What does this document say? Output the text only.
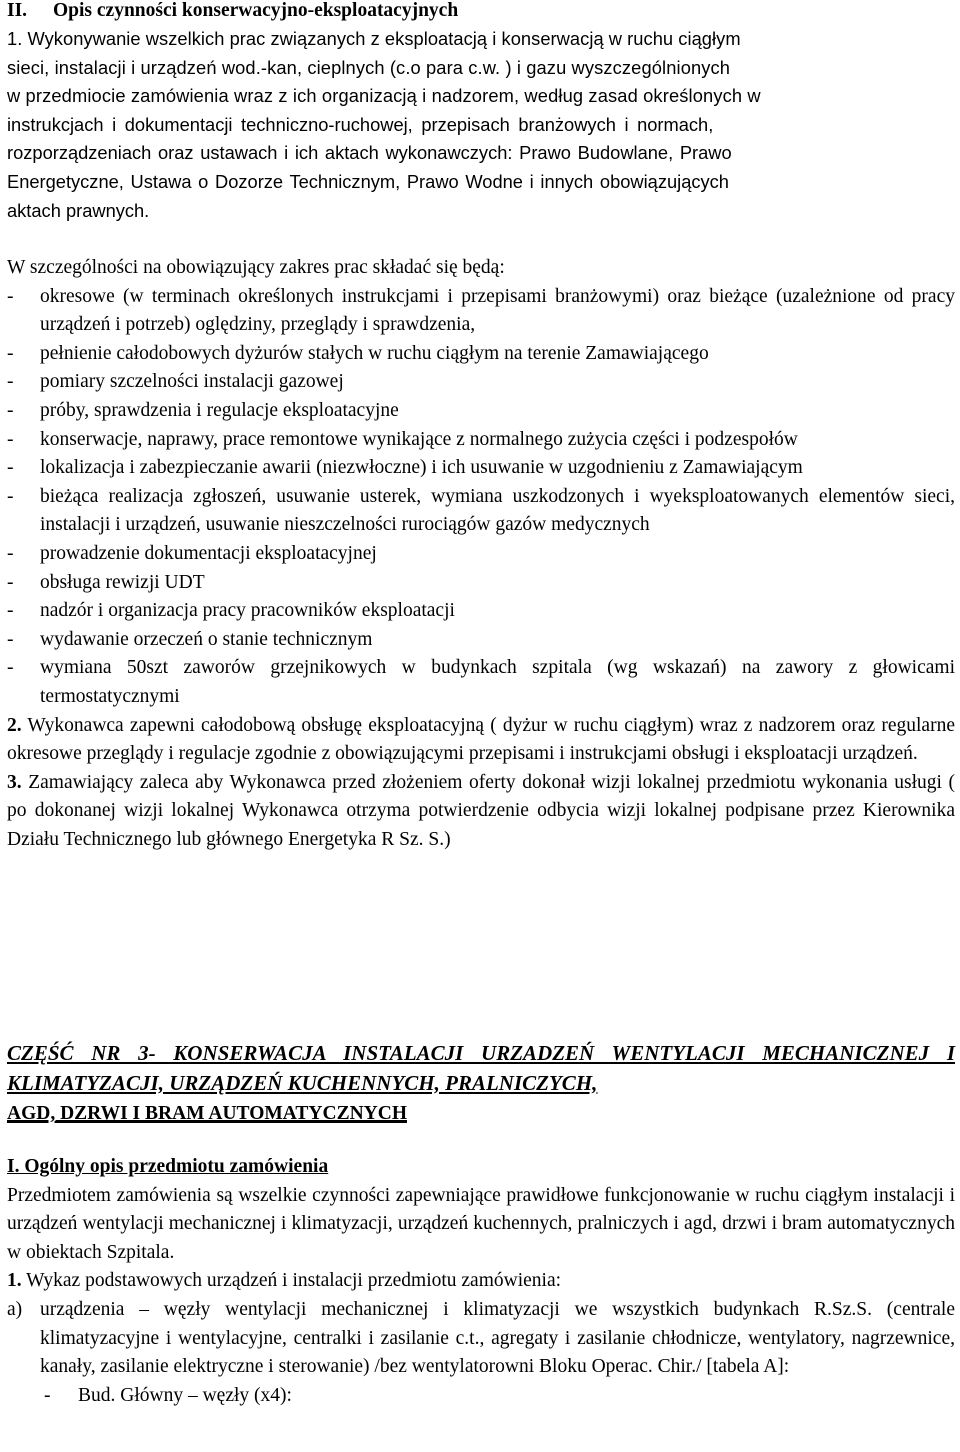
II. Opis czynności konserwacyjno-eksploatacyjnych
1. Wykonywanie wszelkich prac związanych z eksploatacją i konserwacją w ruchu ciągłym
sieci, instalacji i urządzeń wod.-kan, cieplnych (c.o para c.w. ) i gazu wyszczególnionych
w przedmiocie zamówienia wraz z ich organizacją i nadzorem, według zasad określonych w
instrukcjach i dokumentacji techniczno-ruchowej, przepisach branżowych i normach,
rozporządzeniach oraz ustawach i ich aktach wykonawczych: Prawo Budowlane, Prawo
Energetyczne, Ustawa o Dozorze Technicznym, Prawo Wodne i innych obowiązujących
aktach prawnych.
W szczególności na obowiązujący zakres prac składać się będą:
-	okresowe (w terminach określonych instrukcjami i przepisami branżowymi) oraz bieżące (uzależnione od pracy urządzeń i potrzeb) oględziny, przeglądy i sprawdzenia,
-	pełnienie całodobowych dyżurów stałych w ruchu ciągłym na terenie Zamawiającego
-	pomiary szczelności instalacji gazowej
-	próby, sprawdzenia i regulacje eksploatacyjne
-	konserwacje, naprawy, prace remontowe wynikające z normalnego zużycia części i podzespołów
-	lokalizacja i zabezpieczanie awarii (niezwłoczne) i ich usuwanie w uzgodnieniu z Zamawiającym
-	bieżąca realizacja zgłoszeń, usuwanie usterek, wymiana uszkodzonych i wyeksploatowanych elementów sieci, instalacji i urządzeń, usuwanie nieszczelności rurociągów gazów medycznych
-	prowadzenie dokumentacji eksploatacyjnej
-	obsługa rewizji UDT
-	nadzór i organizacja pracy pracowników eksploatacji
-	wydawanie orzeczeń o stanie technicznym
-	wymiana 50szt zaworów grzejnikowych w budynkach szpitala (wg wskazań) na zawory z głowicami termostatycznymi
2. Wykonawca zapewni całodobową obsługę eksploatacyjną ( dyżur w ruchu ciągłym) wraz z nadzorem oraz regularne okresowe przeglądy i regulacje zgodnie z obowiązującymi przepisami i instrukcjami obsługi i eksploatacji urządzeń.
3. Zamawiający zaleca aby Wykonawca przed złożeniem oferty dokonał wizji lokalnej przedmiotu wykonania usługi ( po dokonanej wizji lokalnej Wykonawca otrzyma potwierdzenie odbycia wizji lokalnej podpisane przez Kierownika Działu Technicznego lub głównego Energetyka R Sz. S.)
CZĘŚĆ NR 3- KONSERWACJA INSTALACJI URZADZEŃ WENTYLACJI MECHANICZNEJ I KLIMATYZACJI, URZĄDZEŃ KUCHENNYCH, PRALNICZYCH,
AGD, DZRWI I BRAM AUTOMATYCZNYCH
I. Ogólny opis przedmiotu zamówienia
Przedmiotem zamówienia są wszelkie czynności zapewniające prawidłowe funkcjonowanie w ruchu ciągłym instalacji i urządzeń wentylacji mechanicznej i klimatyzacji, urządzeń kuchennych, pralniczych i agd, drzwi i bram automatycznych w obiektach Szpitala.
1. Wykaz podstawowych urządzeń i instalacji przedmiotu zamówienia:
a) urządzenia – węzły wentylacji mechanicznej i klimatyzacji we wszystkich budynkach R.Sz.S. (centrale klimatyzacyjne i wentylacyjne, centralki i zasilanie c.t., agregaty i zasilanie chłodnicze, wentylatory, nagrzewnice, kanały, zasilanie elektryczne i sterowanie) /bez wentylatorowni Bloku Operac. Chir./ [tabela A]:
-	Bud. Główny – węzły (x4):
